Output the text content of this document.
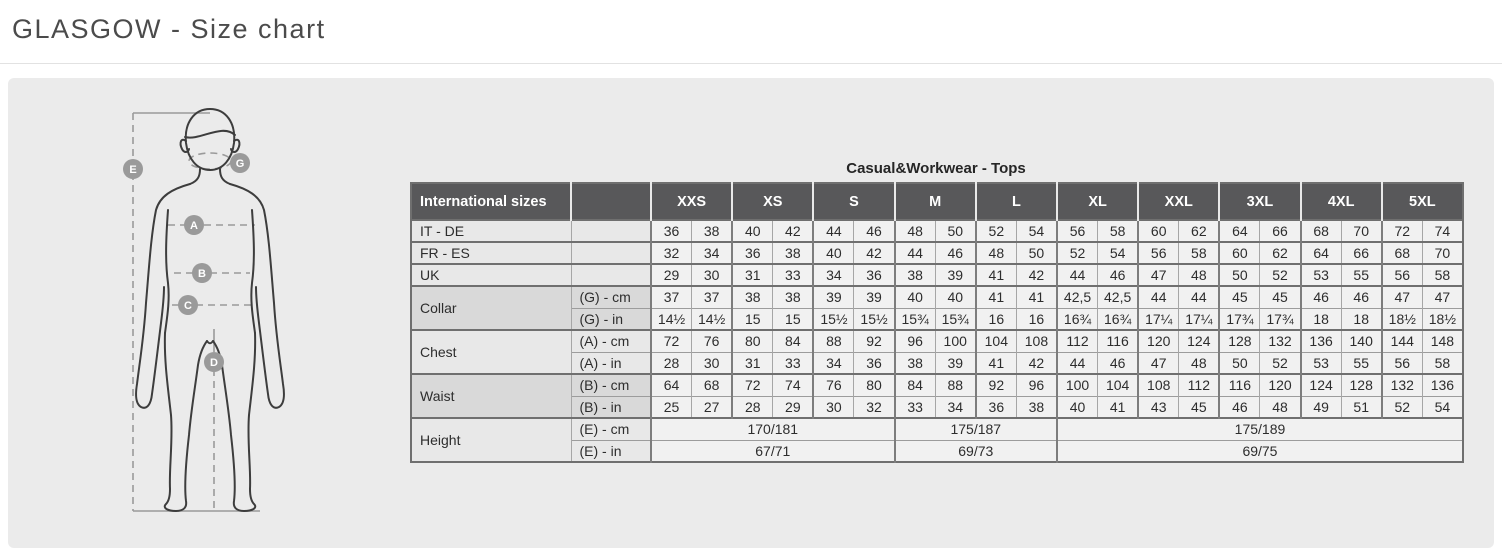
GLASGOW - Size chart
E	G
A
B
C
D
Casual&Workwear - Tops
International sizes		XXS		XS		S		M		L		XL		XXL		3XL		4XL		5XL	
IT - DE		36	38	40	42	44	46	48	50	52	54	56	58	60	62	64	66	68	70	72	74
FR - ES		32	34	36	38	40	42	44	46	48	50	52	54	56	58	60	62	64	66	68	70
UK		29	30	31	33	34	36	38	39	41	42	44	46	47	48	50	52	53	55	56	58
Collar	(G) - cm	37	37	38	38	39	39	40	40	41	41	42,5	42,5	44	44	45	45	46	46	47	47
	(G) - in	14½	14½	15	15	15½	15½	15¾	15¾	16	16	16¾	16¾	17¼	17¼	17¾	17¾	18	18	18½	18½
Chest	(A) - cm	72	76	80	84	88	92	96	100	104	108	112	116	120	124	128	132	136	140	144	148
	(A) - in	28	30	31	33	34	36	38	39	41	42	44	46	47	48	50	52	53	55	56	58
Waist	(B) - cm	64	68	72	74	76	80	84	88	92	96	100	104	108	112	116	120	124	128	132	136
	(B) - in	25	27	28	29	30	32	33	34	36	38	40	41	43	45	46	48	49	51	52	54
Height	(E) - cm	170/181						175/187				175/189									
	(E) - in	67/71						69/73				69/75									
